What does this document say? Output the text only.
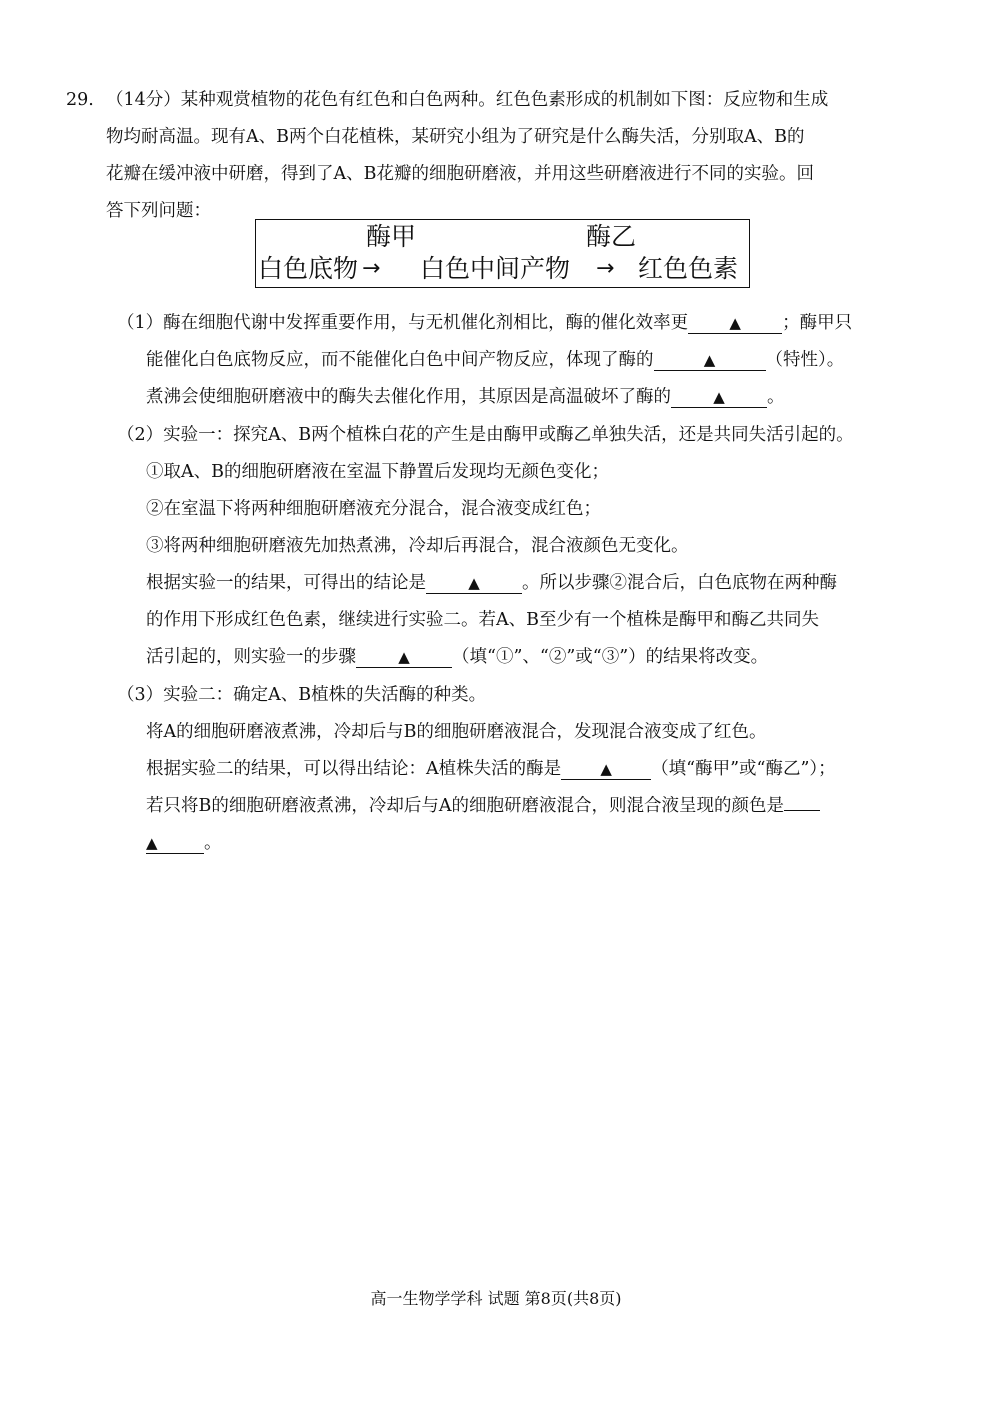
29. （14分）某种观赏植物的花色有红色和白色两种。红色色素形成的机制如下图：反应物和生成
物均耐高温。现有A、B两个白花植株，某研究小组为了研究是什么酶失活，分别取A、B的
花瓣在缓冲液中研磨，得到了A、B花瓣的细胞研磨液，并用这些研磨液进行不同的实验。回
答下列问题：
酶甲	酶乙
白色底物 → 白色中间产物 → 红色色素
（1）酶在细胞代谢中发挥重要作用，与无机催化剂相比，酶的催化效率更	▲ ；酶甲只
能催化白色底物反应，而不能催化白色中间产物反应，体现了酶的	▲	（特性）。
煮沸会使细胞研磨液中的酶失去催化作用，其原因是高温破坏了酶的	▲ 。
（2）实验一：探究A、B两个植株白花的产生是由酶甲或酶乙单独失活，还是共同失活引起的。
①取A、B的细胞研磨液在室温下静置后发现均无颜色变化；
②在室温下将两种细胞研磨液充分混合，混合液变成红色；
③将两种细胞研磨液先加热煮沸，冷却后再混合，混合液颜色无变化。
根据实验一的结果，可得出的结论是	▲ 。所以步骤②混合后，白色底物在两种酶
的作用下形成红色色素，继续进行实验二。若A、B至少有一个植株是酶甲和酶乙共同失
活引起的，则实验一的步骤	▲ （填“①”、“②”或“③”）的结果将改变。
（3）实验二：确定A、B植株的失活酶的种类。
将A的细胞研磨液煮沸，冷却后与B的细胞研磨液混合，发现混合液变成了红色。
根据实验二的结果，可以得出结论：A植株失活的酶是	▲ （填“酶甲”或“酶乙”）；
若只将B的细胞研磨液煮沸，冷却后与A的细胞研磨液混合，则混合液呈现的颜色是
▲	。
高一生物学学科 试题 第8页(共8页)
